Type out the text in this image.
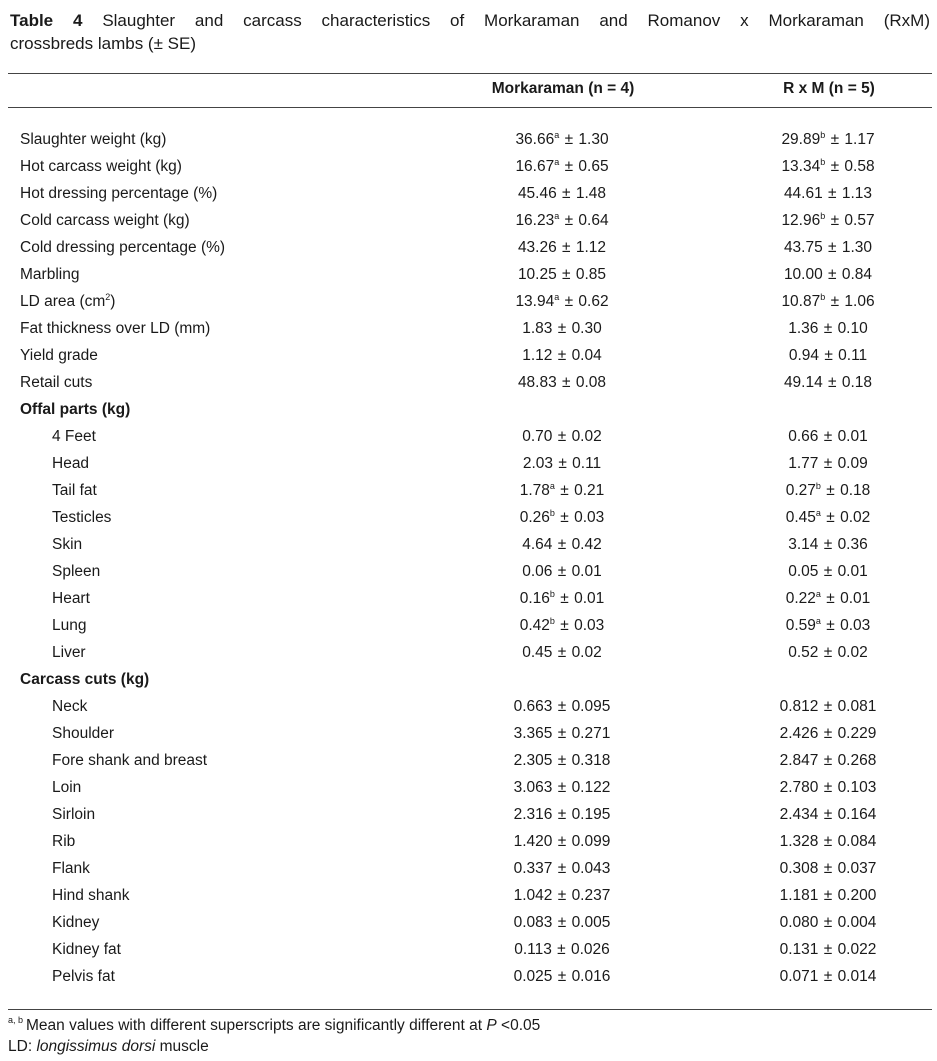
Table 4 Slaughter and carcass characteristics of Morkaraman and Romanov x Morkaraman (RxM)
crossbreds lambs (± SE)
Morkaraman (n = 4)	R x M (n = 5)
Slaughter weight (kg)	36.66$^a$ ± 1.30	29.89$^b$ ± 1.17
Hot carcass weight (kg)	16.67$^a$ ± 0.65	13.34$^b$ ± 0.58
Hot dressing percentage (%)	45.46 ± 1.48	44.61 ± 1.13
Cold carcass weight (kg)	16.23$^a$ ± 0.64	12.96$^b$ ± 0.57
Cold dressing percentage (%)	43.26 ± 1.12	43.75 ± 1.30
Marbling	10.25 ± 0.85	10.00 ± 0.84
LD area $(cm^2)$	13.94$^a$ ± 0.62	10.87$^b$ ± 1.06
Fat thickness over LD (mm)	1.83 ± 0.30	1.36 ± 0.10
Yield grade	1.12 ± 0.04	0.94 ± 0.11
Retail cuts	48.83 ± 0.08	49.14 ± 0.18
Offal parts (kg)
4 Feet	0.70 ± 0.02	0.66 ± 0.01
Head	2.03 ± 0.11	1.77 ± 0.09
Tail fat	1.78$^a$ ± 0.21	0.27$^b$ ± 0.18
Testicles	0.26$^b$ ± 0.03	0.45$^a$ ± 0.02
Skin	4.64 ± 0.42	3.14 ± 0.36
Spleen	0.06 ± 0.01	0.05 ± 0.01
Heart	0.16$^b$ ± 0.01	0.22$^a$ ± 0.01
Lung	0.42$^b$ ± 0.03	0.59$^a$ ± 0.03
Liver	0.45 ± 0.02	0.52 ± 0.02
Carcass cuts (kg)
Neck	0.663 ± 0.095	0.812 ± 0.081
Shoulder	3.365 ± 0.271	2.426 ± 0.229
Fore shank and breast	2.305 ± 0.318	2.847 ± 0.268
Loin	3.063 ± 0.122	2.780 ± 0.103
Sirloin	2.316 ± 0.195	2.434 ± 0.164
Rib	1.420 ± 0.099	1.328 ± 0.084
Flank	0.337 ± 0.043	0.308 ± 0.037
Hind shank	1.042 ± 0.237	1.181 ± 0.200
Kidney	0.083 ± 0.005	0.080 ± 0.004
Kidney fat	0.113 ± 0.026	0.131 ± 0.022
Pelvis fat	0.025 ± 0.016	0.071 ± 0.014
$^{a, b}$ Mean values with different superscripts are significantly different at P <0.05
LD: longissimus dorsi muscle
